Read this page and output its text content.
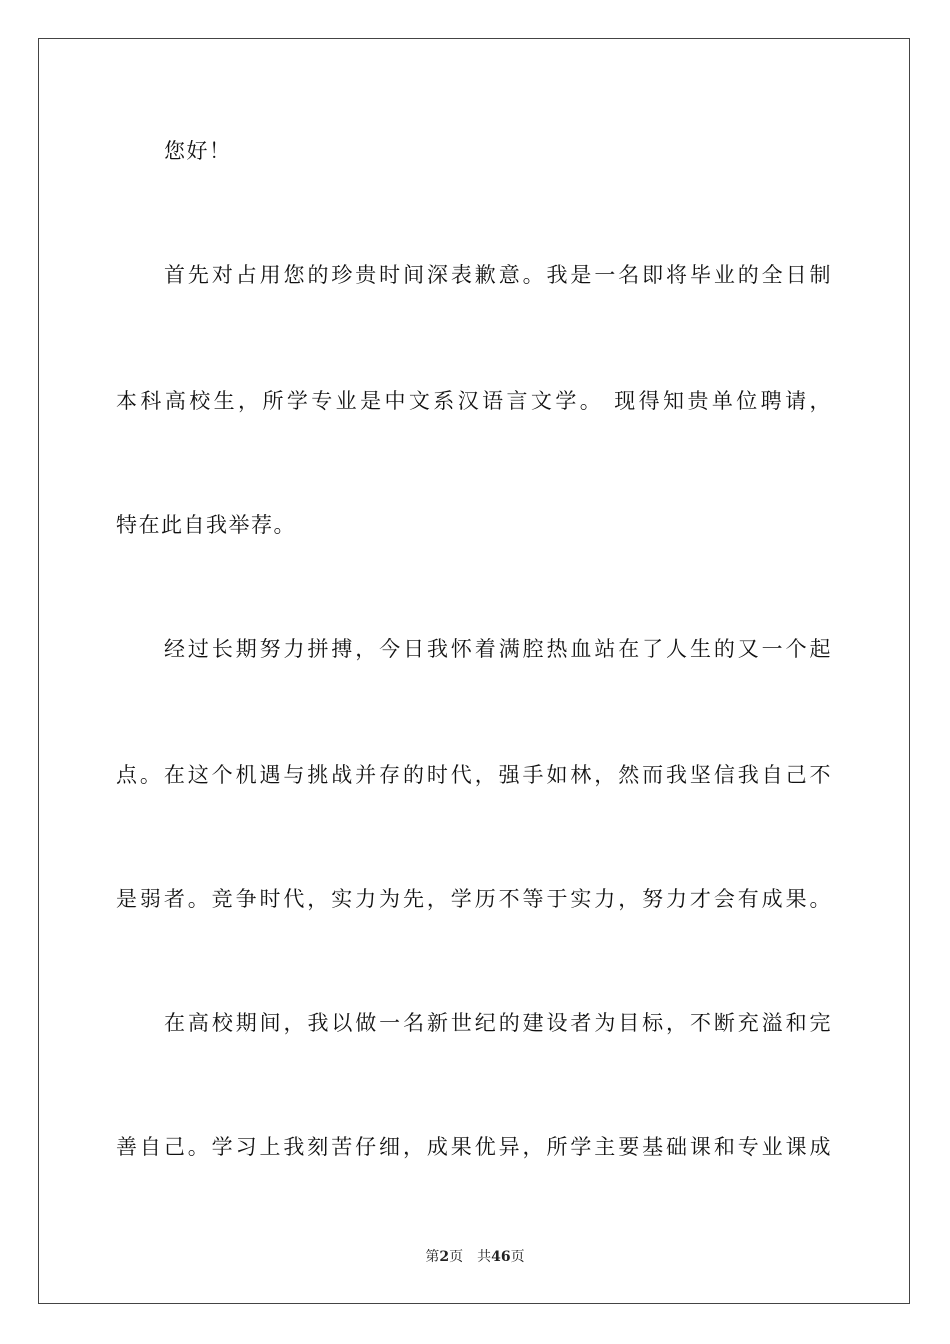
您好！
首先对占用您的珍贵时间深表歉意。我是一名即将毕业的全日制
本科高校生，所学专业是中文系汉语言文学。 现得知贵单位聘请，
特在此自我举荐。
经过长期努力拼搏，今日我怀着满腔热血站在了人生的又一个起
点。在这个机遇与挑战并存的时代，强手如林，然而我坚信我自己不
是弱者。竞争时代，实力为先，学历不等于实力，努力才会有成果。
在高校期间，我以做一名新世纪的建设者为目标，不断充溢和完
善自己。学习上我刻苦仔细，成果优异，所学主要基础课和专业课成
第2页 共46页
